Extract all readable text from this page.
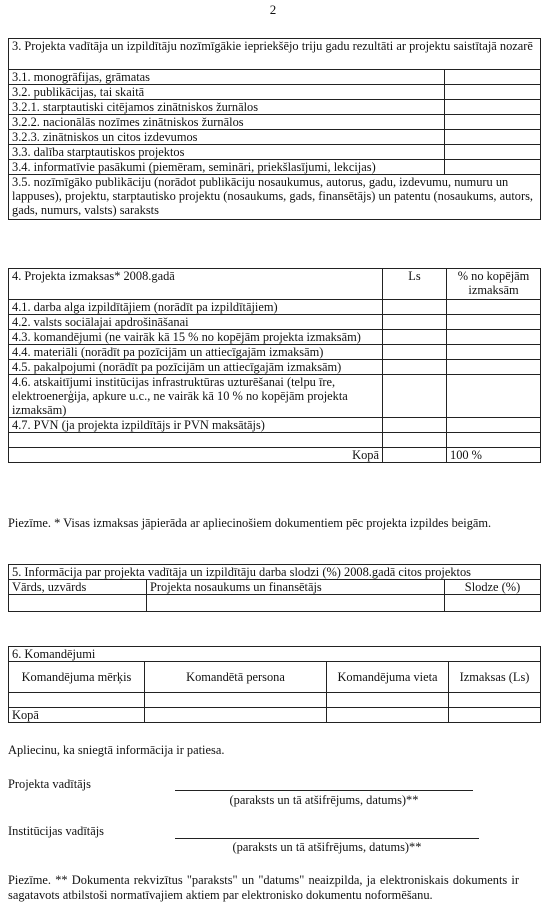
2
3. Projekta vadītāja un izpildītāju nozīmīgākie iepriekšējo triju gadu rezultāti ar projektu saistītajā nozarē	
3.1. monogrāfijas, grāmatas	
3.2. publikācijas, tai skaitā	
3.2.1. starptautiski citējamos zinātniskos žurnālos	
3.2.2. nacionālās nozīmes zinātniskos žurnālos	
3.2.3. zinātniskos un citos izdevumos	
3.3. dalība starptautiskos projektos	
3.4. informatīvie pasākumi (piemēram, semināri, priekšlasījumi, lekcijas)	
3.5. nozīmīgāko publikāciju (norādot publikāciju nosaukumus, autorus, gadu, izdevumu, numuru un lappuses), projektu, starptautisko projektu (nosaukums, gads, finansētājs) un patentu (nosaukums, autors, gads, numurs, valsts) saraksts	
4. Projekta izmaksas* 2008.gadā	Ls	% no kopējām izmaksām
4.1. darba alga izpildītājiem (norādīt pa izpildītājiem)		
4.2. valsts sociālajai apdrošināšanai		
4.3. komandējumi (ne vairāk kā 15 % no kopējām projekta izmaksām)		
4.4. materiāli (norādīt pa pozīcijām un attiecīgajām izmaksām)		
4.5. pakalpojumi (norādīt pa pozīcijām un attiecīgajām izmaksām)		
4.6. atskaitījumi institūcijas infrastruktūras uzturēšanai (telpu īre, elektroenerģija, apkure u.c., ne vairāk kā 10 % no kopējām projekta izmaksām)		
4.7. PVN (ja projekta izpildītājs ir PVN maksātājs)		

Kopā		100 %
Piezīme. * Visas izmaksas jāpierāda ar apliecinošiem dokumentiem pēc projekta izpildes beigām.
5. Informācija par projekta vadītāja un izpildītāju darba slodzi (%) 2008.gadā citos projektos		
Vārds, uzvārds	Projekta nosaukums un finansētājs	Slodze (%)

6. Komandējumi			
Komandējuma mērķis	Komandētā persona	Komandējuma vieta	Izmaksas (Ls)

Kopā			
Apliecinu, ka sniegtā informācija ir patiesa.
Projekta vadītājs
(paraksts un tā atšifrējums, datums)**
Institūcijas vadītājs
(paraksts un tā atšifrējums, datums)**
Piezīme. ** Dokumenta rekvizītus "paraksts" un "datums" neaizpilda, ja elektroniskais dokuments ir sagatavots atbilstoši normatīvajiem aktiem par elektronisko dokumentu noformēšanu.
